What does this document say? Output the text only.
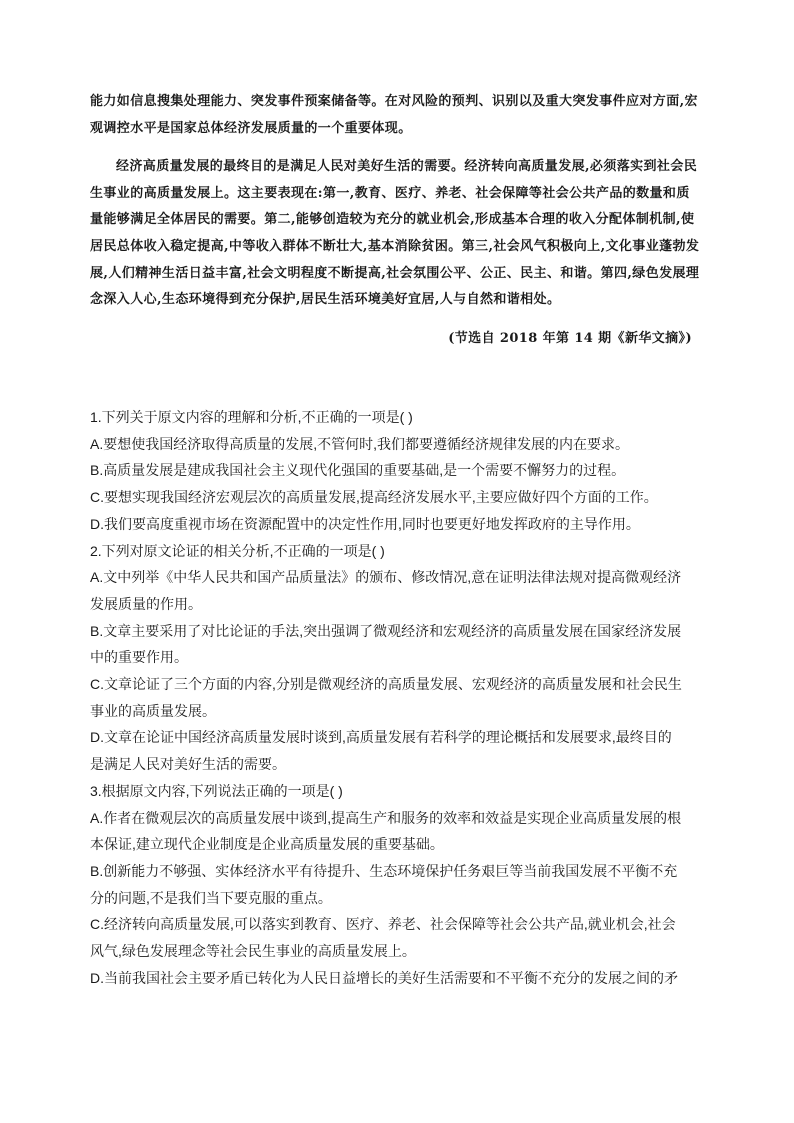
能力如信息搜集处理能力、突发事件预案储备等。在对风险的预判、识别以及重大突发事件应对方面,宏观调控水平是国家总体经济发展质量的一个重要体现。

经济高质量发展的最终目的是满足人民对美好生活的需要。经济转向高质量发展,必须落实到社会民生事业的高质量发展上。这主要表现在:第一,教育、医疗、养老、社会保障等社会公共产品的数量和质量能够满足全体居民的需要。第二,能够创造较为充分的就业机会,形成基本合理的收入分配体制机制,使居民总体收入稳定提高,中等收入群体不断壮大,基本消除贫困。第三,社会风气积极向上,文化事业蓬勃发展,人们精神生活日益丰富,社会文明程度不断提高,社会氛围公平、公正、民主、和谐。第四,绿色发展理念深入人心,生态环境得到充分保护,居民生活环境美好宜居,人与自然和谐相处。

(节选自 2018 年第 14 期《新华文摘》)

1.下列关于原文内容的理解和分析,不正确的一项是( )
A.要想使我国经济取得高质量的发展,不管何时,我们都要遵循经济规律发展的内在要求。
B.高质量发展是建成我国社会主义现代化强国的重要基础,是一个需要不懈努力的过程。
C.要想实现我国经济宏观层次的高质量发展,提高经济发展水平,主要应做好四个方面的工作。
D.我们要高度重视市场在资源配置中的决定性作用,同时也要更好地发挥政府的主导作用。
2.下列对原文论证的相关分析,不正确的一项是( )
A.文中列举《中华人民共和国产品质量法》的颁布、修改情况,意在证明法律法规对提高微观经济
发展质量的作用。
B.文章主要采用了对比论证的手法,突出强调了微观经济和宏观经济的高质量发展在国家经济发展
中的重要作用。
C.文章论证了三个方面的内容,分别是微观经济的高质量发展、宏观经济的高质量发展和社会民生
事业的高质量发展。
D.文章在论证中国经济高质量发展时谈到,高质量发展有若科学的理论概括和发展要求,最终目的
是满足人民对美好生活的需要。
3.根据原文内容,下列说法正确的一项是( )
A.作者在微观层次的高质量发展中谈到,提高生产和服务的效率和效益是实现企业高质量发展的根
本保证,建立现代企业制度是企业高质量发展的重要基础。
B.创新能力不够强、实体经济水平有待提升、生态环境保护任务艰巨等当前我国发展不平衡不充
分的问题,不是我们当下要克服的重点。
C.经济转向高质量发展,可以落实到教育、医疗、养老、社会保障等社会公共产品,就业机会,社会
风气,绿色发展理念等社会民生事业的高质量发展上。
D.当前我国社会主要矛盾已转化为人民日益增长的美好生活需要和不平衡不充分的发展之间的矛
